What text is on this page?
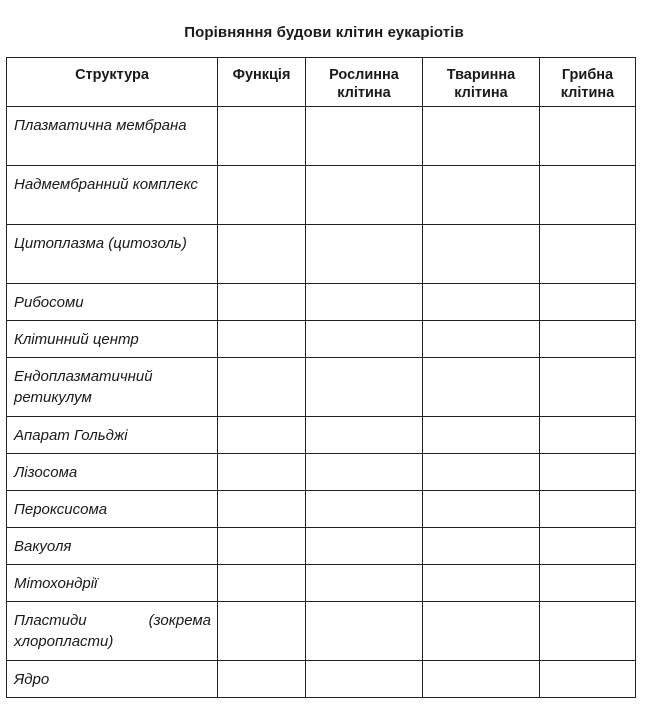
Порівняння будови клітин еукаріотів
Структура	Функція	Рослинна клітина	Тваринна клітина	Грибна клітина
Плазматична мембрана				
Надмембранний комплекс				
Цитоплазма (цитозоль)				
Рибосоми				
Клітинний центр				
Ендоплазматичний ретикулум				
Апарат Гольджі				
Лізосома				
Пероксисома				
Вакуоля				
Мітохондрії				
Пластиди (зокрема хлоропласти)				
Ядро				
